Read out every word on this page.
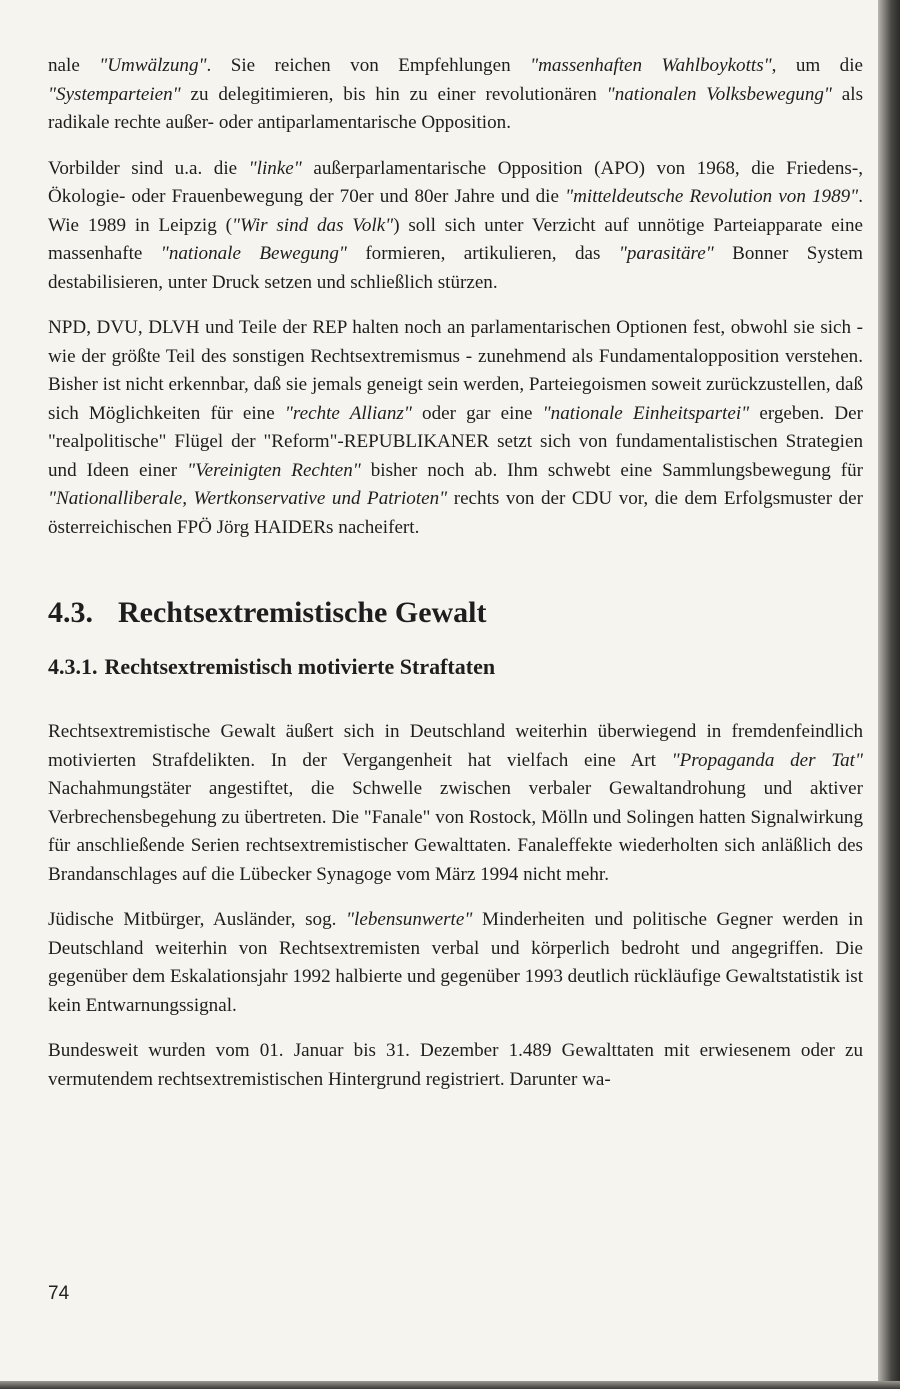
nale "Umwälzung". Sie reichen von Empfehlungen "massenhaften Wahlboykotts", um die "Systemparteien" zu delegitimieren, bis hin zu einer revolutionären "nationalen Volksbewegung" als radikale rechte außer- oder antiparlamentarische Opposition.

Vorbilder sind u.a. die "linke" außerparlamentarische Opposition (APO) von 1968, die Friedens-, Ökologie- oder Frauenbewegung der 70er und 80er Jahre und die "mitteldeutsche Revolution von 1989". Wie 1989 in Leipzig ("Wir sind das Volk") soll sich unter Verzicht auf unnötige Parteiapparate eine massenhafte "nationale Bewegung" formieren, artikulieren, das "parasitäre" Bonner System destabilisieren, unter Druck setzen und schließlich stürzen.

NPD, DVU, DLVH und Teile der REP halten noch an parlamentarischen Optionen fest, obwohl sie sich - wie der größte Teil des sonstigen Rechtsextremismus - zunehmend als Fundamentalopposition verstehen. Bisher ist nicht erkennbar, daß sie jemals geneigt sein werden, Parteiegoismen soweit zurückzustellen, daß sich Möglichkeiten für eine "rechte Allianz" oder gar eine "nationale Einheitspartei" ergeben. Der "realpolitische" Flügel der "Reform"-REPUBLIKANER setzt sich von fundamentalistischen Strategien und Ideen einer "Vereinigten Rechten" bisher noch ab. Ihm schwebt eine Sammlungsbewegung für "Nationalliberale, Wertkonservative und Patrioten" rechts von der CDU vor, die dem Erfolgsmuster der österreichischen FPÖ Jörg HAIDERs nacheifert.

4.3. Rechtsextremistische Gewalt
4.3.1. Rechtsextremistisch motivierte Straftaten

Rechtsextremistische Gewalt äußert sich in Deutschland weiterhin überwiegend in fremdenfeindlich motivierten Strafdelikten. In der Vergangenheit hat vielfach eine Art "Propaganda der Tat" Nachahmungstäter angestiftet, die Schwelle zwischen verbaler Gewaltandrohung und aktiver Verbrechensbegehung zu übertreten. Die "Fanale" von Rostock, Mölln und Solingen hatten Signalwirkung für anschließende Serien rechtsextremistischer Gewalttaten. Fanaleffekte wiederholten sich anläßlich des Brandanschlages auf die Lübecker Synagoge vom März 1994 nicht mehr.

Jüdische Mitbürger, Ausländer, sog. "lebensunwerte" Minderheiten und politische Gegner werden in Deutschland weiterhin von Rechtsextremisten verbal und körperlich bedroht und angegriffen. Die gegenüber dem Eskalationsjahr 1992 halbierte und gegenüber 1993 deutlich rückläufige Gewaltstatistik ist kein Entwarnungssignal.

Bundesweit wurden vom 01. Januar bis 31. Dezember 1.489 Gewalttaten mit erwiesenem oder zu vermutendem rechtsextremistischen Hintergrund registriert. Darunter wa-

74
